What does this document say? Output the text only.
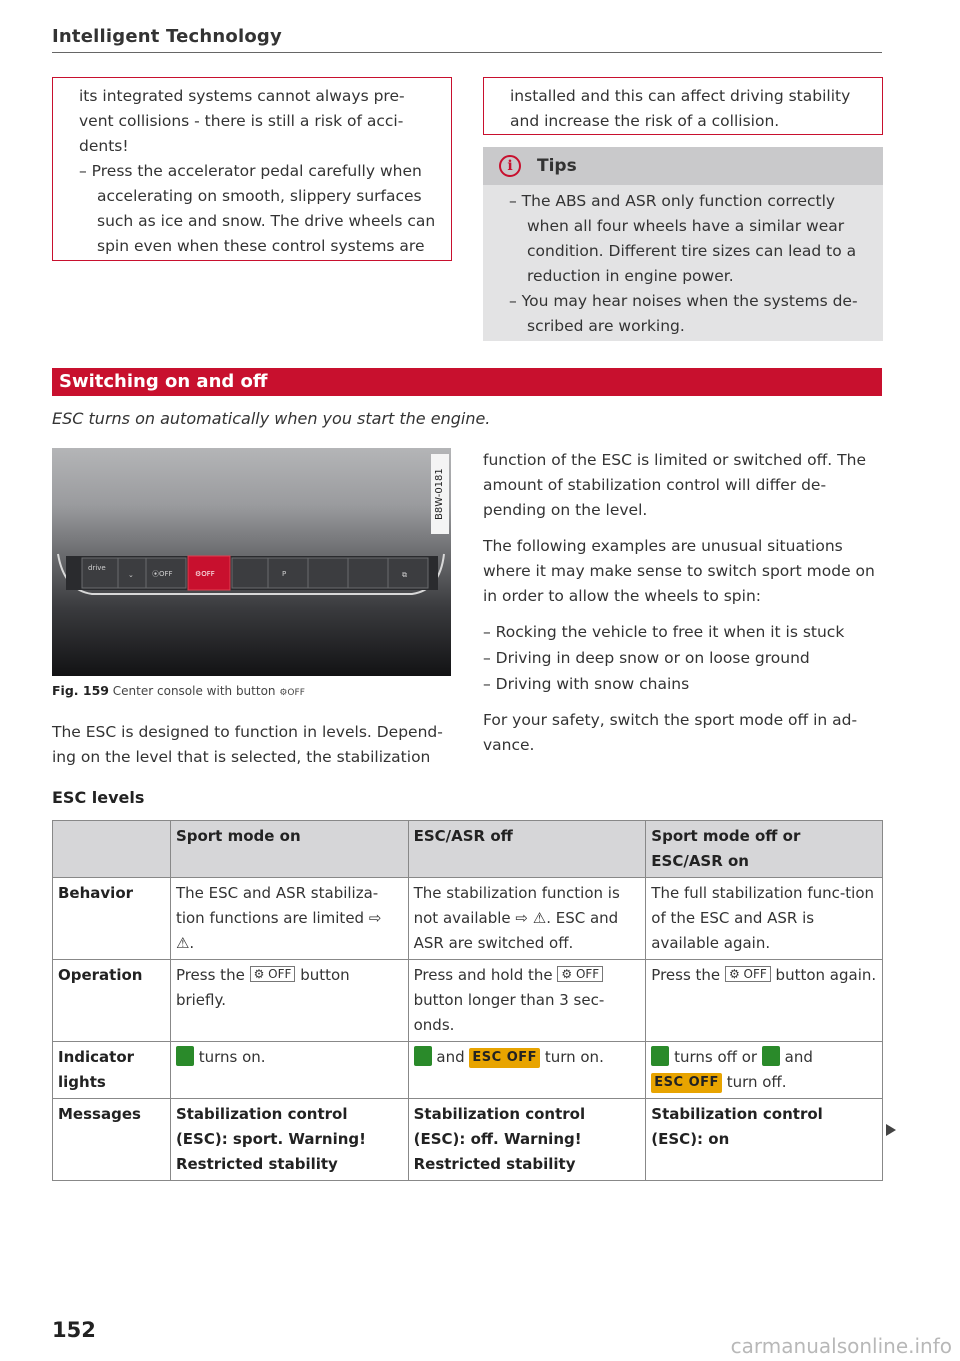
Intelligent Technology

its integrated systems cannot always pre-

vent collisions - there is still a risk of acci-

dents!

– Press the accelerator pedal carefully when accelerating on smooth, slippery surfaces such as ice and snow. The drive wheels can spin even when these control systems are

installed and this can affect driving stability and increase the risk of a collision.

i	Tips

– The ABS and ASR only function correctly when all four wheels have a similar wear condition. Different tire sizes can lead to a reduction in engine power.

– You may hear noises when the systems de-scribed are working.

Switching on and off
ESC turns on automatically when you start the engine.
B8W-0181
drive
⌄	⦿OFF	⚙OFF	P	⧉
Fig. 159 Center console with button ⚙OFF

The ESC is designed to function in levels. Depend-ing on the level that is selected, the stabilization

function of the ESC is limited or switched off. The amount of stabilization control will differ de-pending on the level.

The following examples are unusual situations where it may make sense to switch sport mode on in order to allow the wheels to spin:

– Rocking the vehicle to free it when it is stuck

– Driving in deep snow or on loose ground

– Driving with snow chains

For your safety, switch the sport mode off in ad-vance.

ESC levels
	Sport mode on	ESC/ASR off	Sport mode off or ESC/ASR on
Behavior	The ESC and ASR stabiliza-tion functions are limited ⇨ ⚠.	The stabilization function is not available ⇨ ⚠. ESC and ASR are switched off.	The full stabilization func-tion of the ESC and ASR is available again.
Operation	Press the ⚙ OFF button briefly.	Press and hold the ⚙ OFF button longer than 3 sec-onds.	Press the ⚙ OFF button again.
Indicator lights	turns on.	and ESC OFF turn on.	turns off or and ESC OFF turn off.
Messages	Stabilization control (ESC): sport. Warning! Restricted stability	Stabilization control (ESC): off. Warning! Restricted stability	Stabilization control (ESC): on
152
carmanualsonline.info
